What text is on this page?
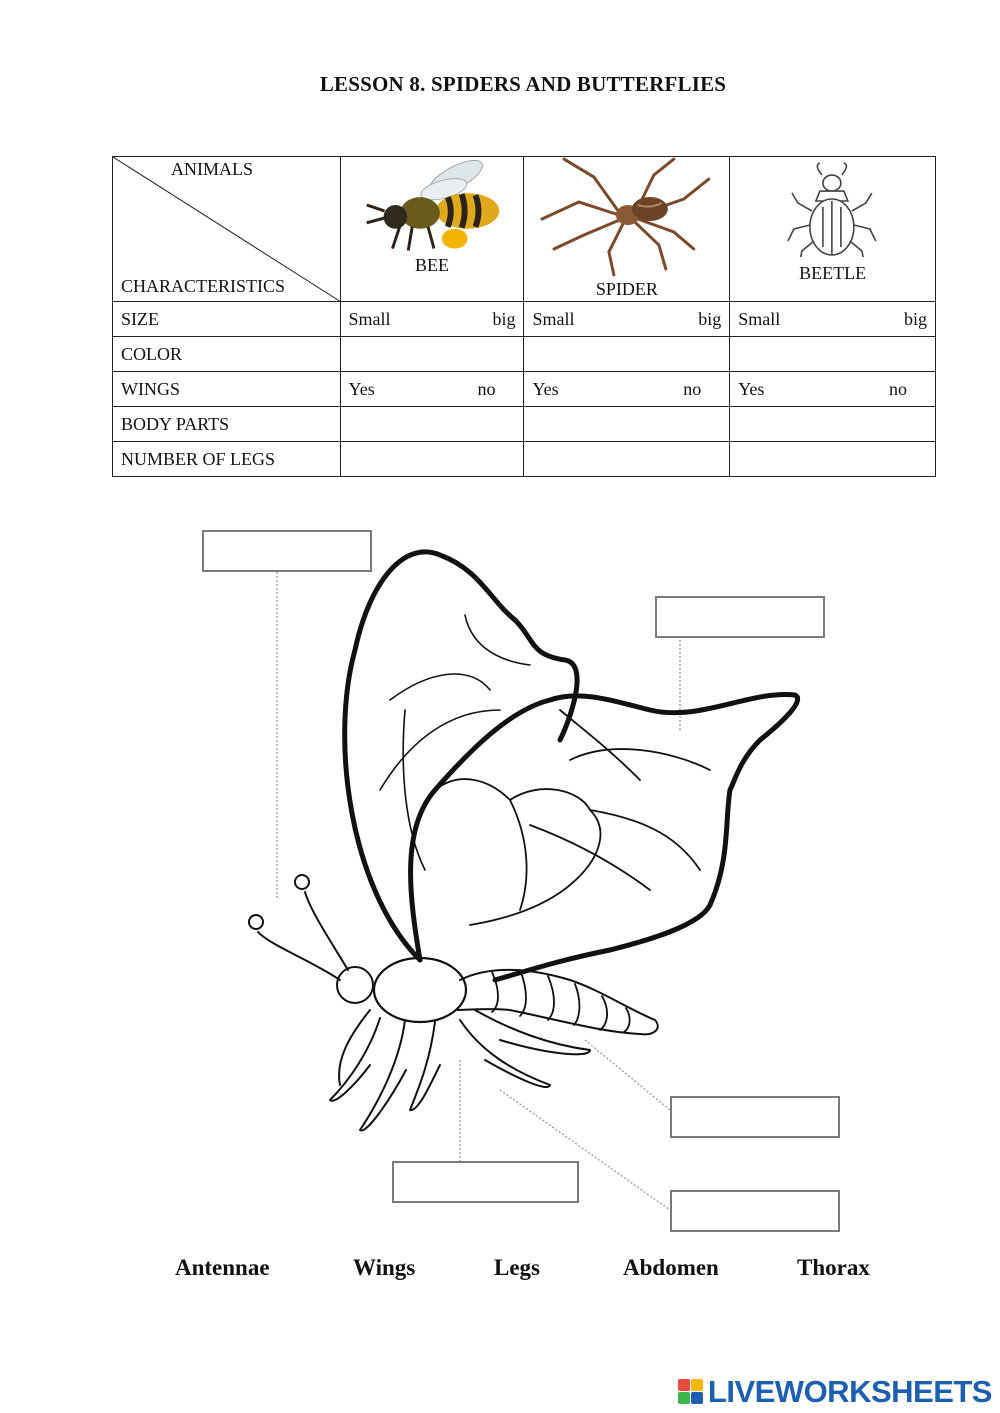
LESSON 8. SPIDERS AND BUTTERFLIES
ANIMALS
CHARACTERISTICS	BEE	SPIDER	BEETLE

SIZE	Small big	Small big	Small big

COLOR			
WINGS	Yes no	Yes no	Yes no

BODY PARTS			
NUMBER OF LEGS			
Antennae	Wings	Legs	Abdomen	Thorax
LIVEWORKSHEETS
